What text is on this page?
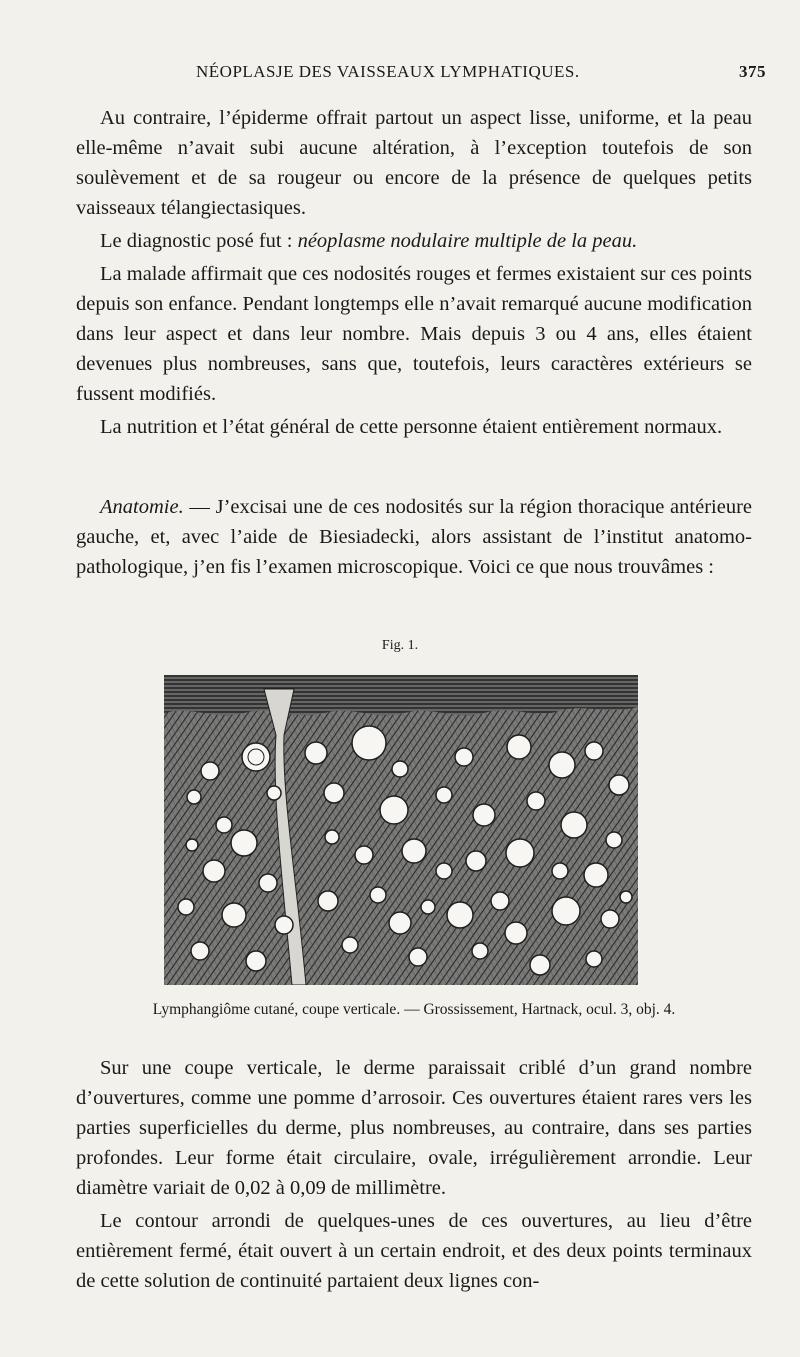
NÉOPLASJE DES VAISSEAUX LYMPHATIQUES.	375

Au contraire, l’épiderme offrait partout un aspect lisse, uniforme, et la peau elle-même n’avait subi aucune altération, à l’exception toutefois de son soulèvement et de sa rougeur ou encore de la présence de quelques petits vaisseaux télangiectasiques.

Le diagnostic posé fut : néoplasme nodulaire multiple de la peau.

La malade affirmait que ces nodosités rouges et fermes existaient sur ces points depuis son enfance. Pendant longtemps elle n’avait remarqué aucune modification dans leur aspect et dans leur nombre. Mais depuis 3 ou 4 ans, elles étaient devenues plus nombreuses, sans que, toutefois, leurs caractères extérieurs se fussent modifiés.

La nutrition et l’état général de cette personne étaient entièrement normaux.

Anatomie. — J’excisai une de ces nodosités sur la région thoracique antérieure gauche, et, avec l’aide de Biesiadecki, alors assistant de l’institut anatomo-pathologique, j’en fis l’examen microscopique. Voici ce que nous trouvâmes :

Fig. 1.
Lymphangiôme cutané, coupe verticale. — Grossissement, Hartnack, ocul. 3, obj. 4.

Sur une coupe verticale, le derme paraissait criblé d’un grand nombre d’ouvertures, comme une pomme d’arrosoir. Ces ouvertures étaient rares vers les parties superficielles du derme, plus nombreuses, au contraire, dans ses parties profondes. Leur forme était circulaire, ovale, irrégulièrement arrondie. Leur diamètre variait de 0,02 à 0,09 de millimètre.

Le contour arrondi de quelques-unes de ces ouvertures, au lieu d’être entièrement fermé, était ouvert à un certain endroit, et des deux points terminaux de cette solution de continuité partaient deux lignes con-
